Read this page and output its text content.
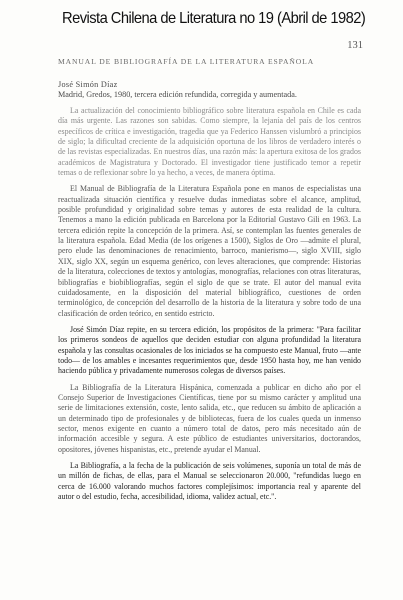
Revista Chilena de Literatura no 19 (Abril de 1982)
131
MANUAL DE BIBLIOGRAFÍA DE LA LITERATURA ESPAÑOLA
José Simón Díaz
Madrid, Gredos, 1980, tercera edición refundida, corregida y aumentada.

La actualización del conocimiento bibliográfico sobre literatura española en Chile es cada día más urgente. Las razones son sabidas. Como siempre, la lejanía del país de los centros específicos de crítica e investigación, tragedia que ya Federico Hanssen vislumbró a principios de siglo; la dificultad creciente de la adquisición oportuna de los libros de verdadero interés o de las revistas especializadas. En nuestros días, una razón más: la apertura exitosa de los grados académicos de Magistratura y Doctorado. El investigador tiene justificado temor a repetir temas o de reflexionar sobre lo ya hecho, a veces, de manera óptima.

El Manual de Bibliografía de la Literatura Española pone en manos de especialistas una reactualizada situación científica y resuelve dudas inmediatas sobre el alcance, amplitud, posible profundidad y originalidad sobre temas y autores de esta realidad de la cultura. Tenemos a mano la edición publicada en Barcelona por la Editorial Gustavo Gili en 1963. La tercera edición repite la concepción de la primera. Así, se contemplan las fuentes generales de la literatura española. Edad Media (de los orígenes a 1500), Siglos de Oro —admite el plural, pero elude las denominaciones de renacimiento, barroco, manierismo—, siglo XVIII, siglo XIX, siglo XX, según un esquema genérico, con leves alteraciones, que comprende: Historias de la literatura, colecciones de textos y antologías, monografías, relaciones con otras literaturas, bibliografías e biobibliografías, según el siglo de que se trate. El autor del manual evita cuidadosamente, en la disposición del material bibliográfico, cuestiones de orden terminológico, de concepción del desarrollo de la historia de la literatura y sobre todo de una clasificación de orden teórico, en sentido estricto.

José Simón Díaz repite, en su tercera edición, los propósitos de la primera: "Para facilitar los primeros sondeos de aquellos que deciden estudiar con alguna profundidad la literatura española y las consultas ocasionales de los iniciados se ha compuesto este Manual, fruto —ante todo— de los amables e incesantes requerimientos que, desde 1950 hasta hoy, me han venido haciendo pública y privadamente numerosos colegas de diversos países.

La Bibliografía de la Literatura Hispánica, comenzada a publicar en dicho año por el Consejo Superior de Investigaciones Científicas, tiene por su mismo carácter y amplitud una serie de limitaciones extensión, coste, lento salida, etc., que reducen su ámbito de aplicación a un determinado tipo de profesionales y de bibliotecas, fuera de los cuales queda un inmenso sector, menos exigente en cuanto a número total de datos, pero más necesitado aún de información accesible y segura. A este público de estudiantes universitarios, doctorandos, opositores, jóvenes hispanistas, etc., pretende ayudar el Manual.

La Bibliografía, a la fecha de la publicación de seis volúmenes, suponía un total de más de un millón de fichas, de ellas, para el Manual se seleccionaron 20.000, "refundidas luego en cerca de 16.000 valorando muchos factores complejísimos: importancia real y aparente del autor o del estudio, fecha, accesibilidad, idioma, validez actual, etc.".
